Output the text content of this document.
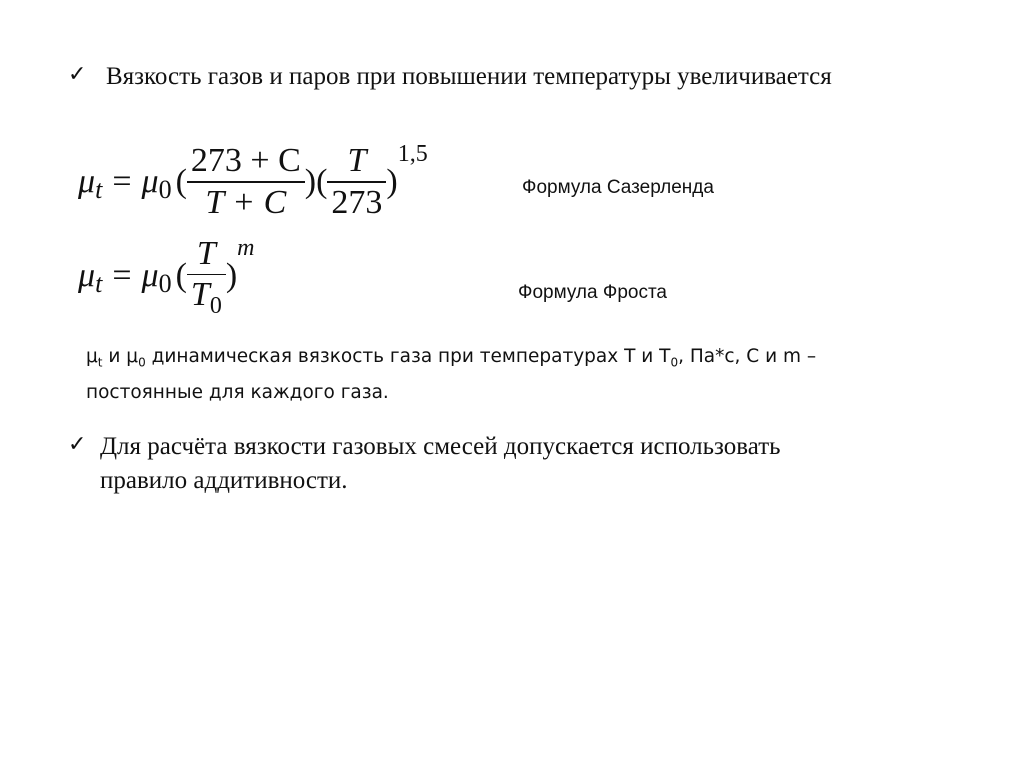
✓ Вязкость газов и паров при повышении температуры увеличивается
μ t = μ 0 ( $\frac{273 + C}{T + C}$ )( $\frac{T}{273}$ )
1,5
Формула Сазерленда
μ t = μ 0 ( $\frac{T}{T_0}$ )
m
Формула Фроста
$\mu_t$ и $\mu_0$ динамическая вязкость газа при температурах T и $T_0$, Па*с, C и m –
постоянные для каждого газа.
✓ Для расчёта вязкости газовых смесей допускается использовать
правило аддитивности.
